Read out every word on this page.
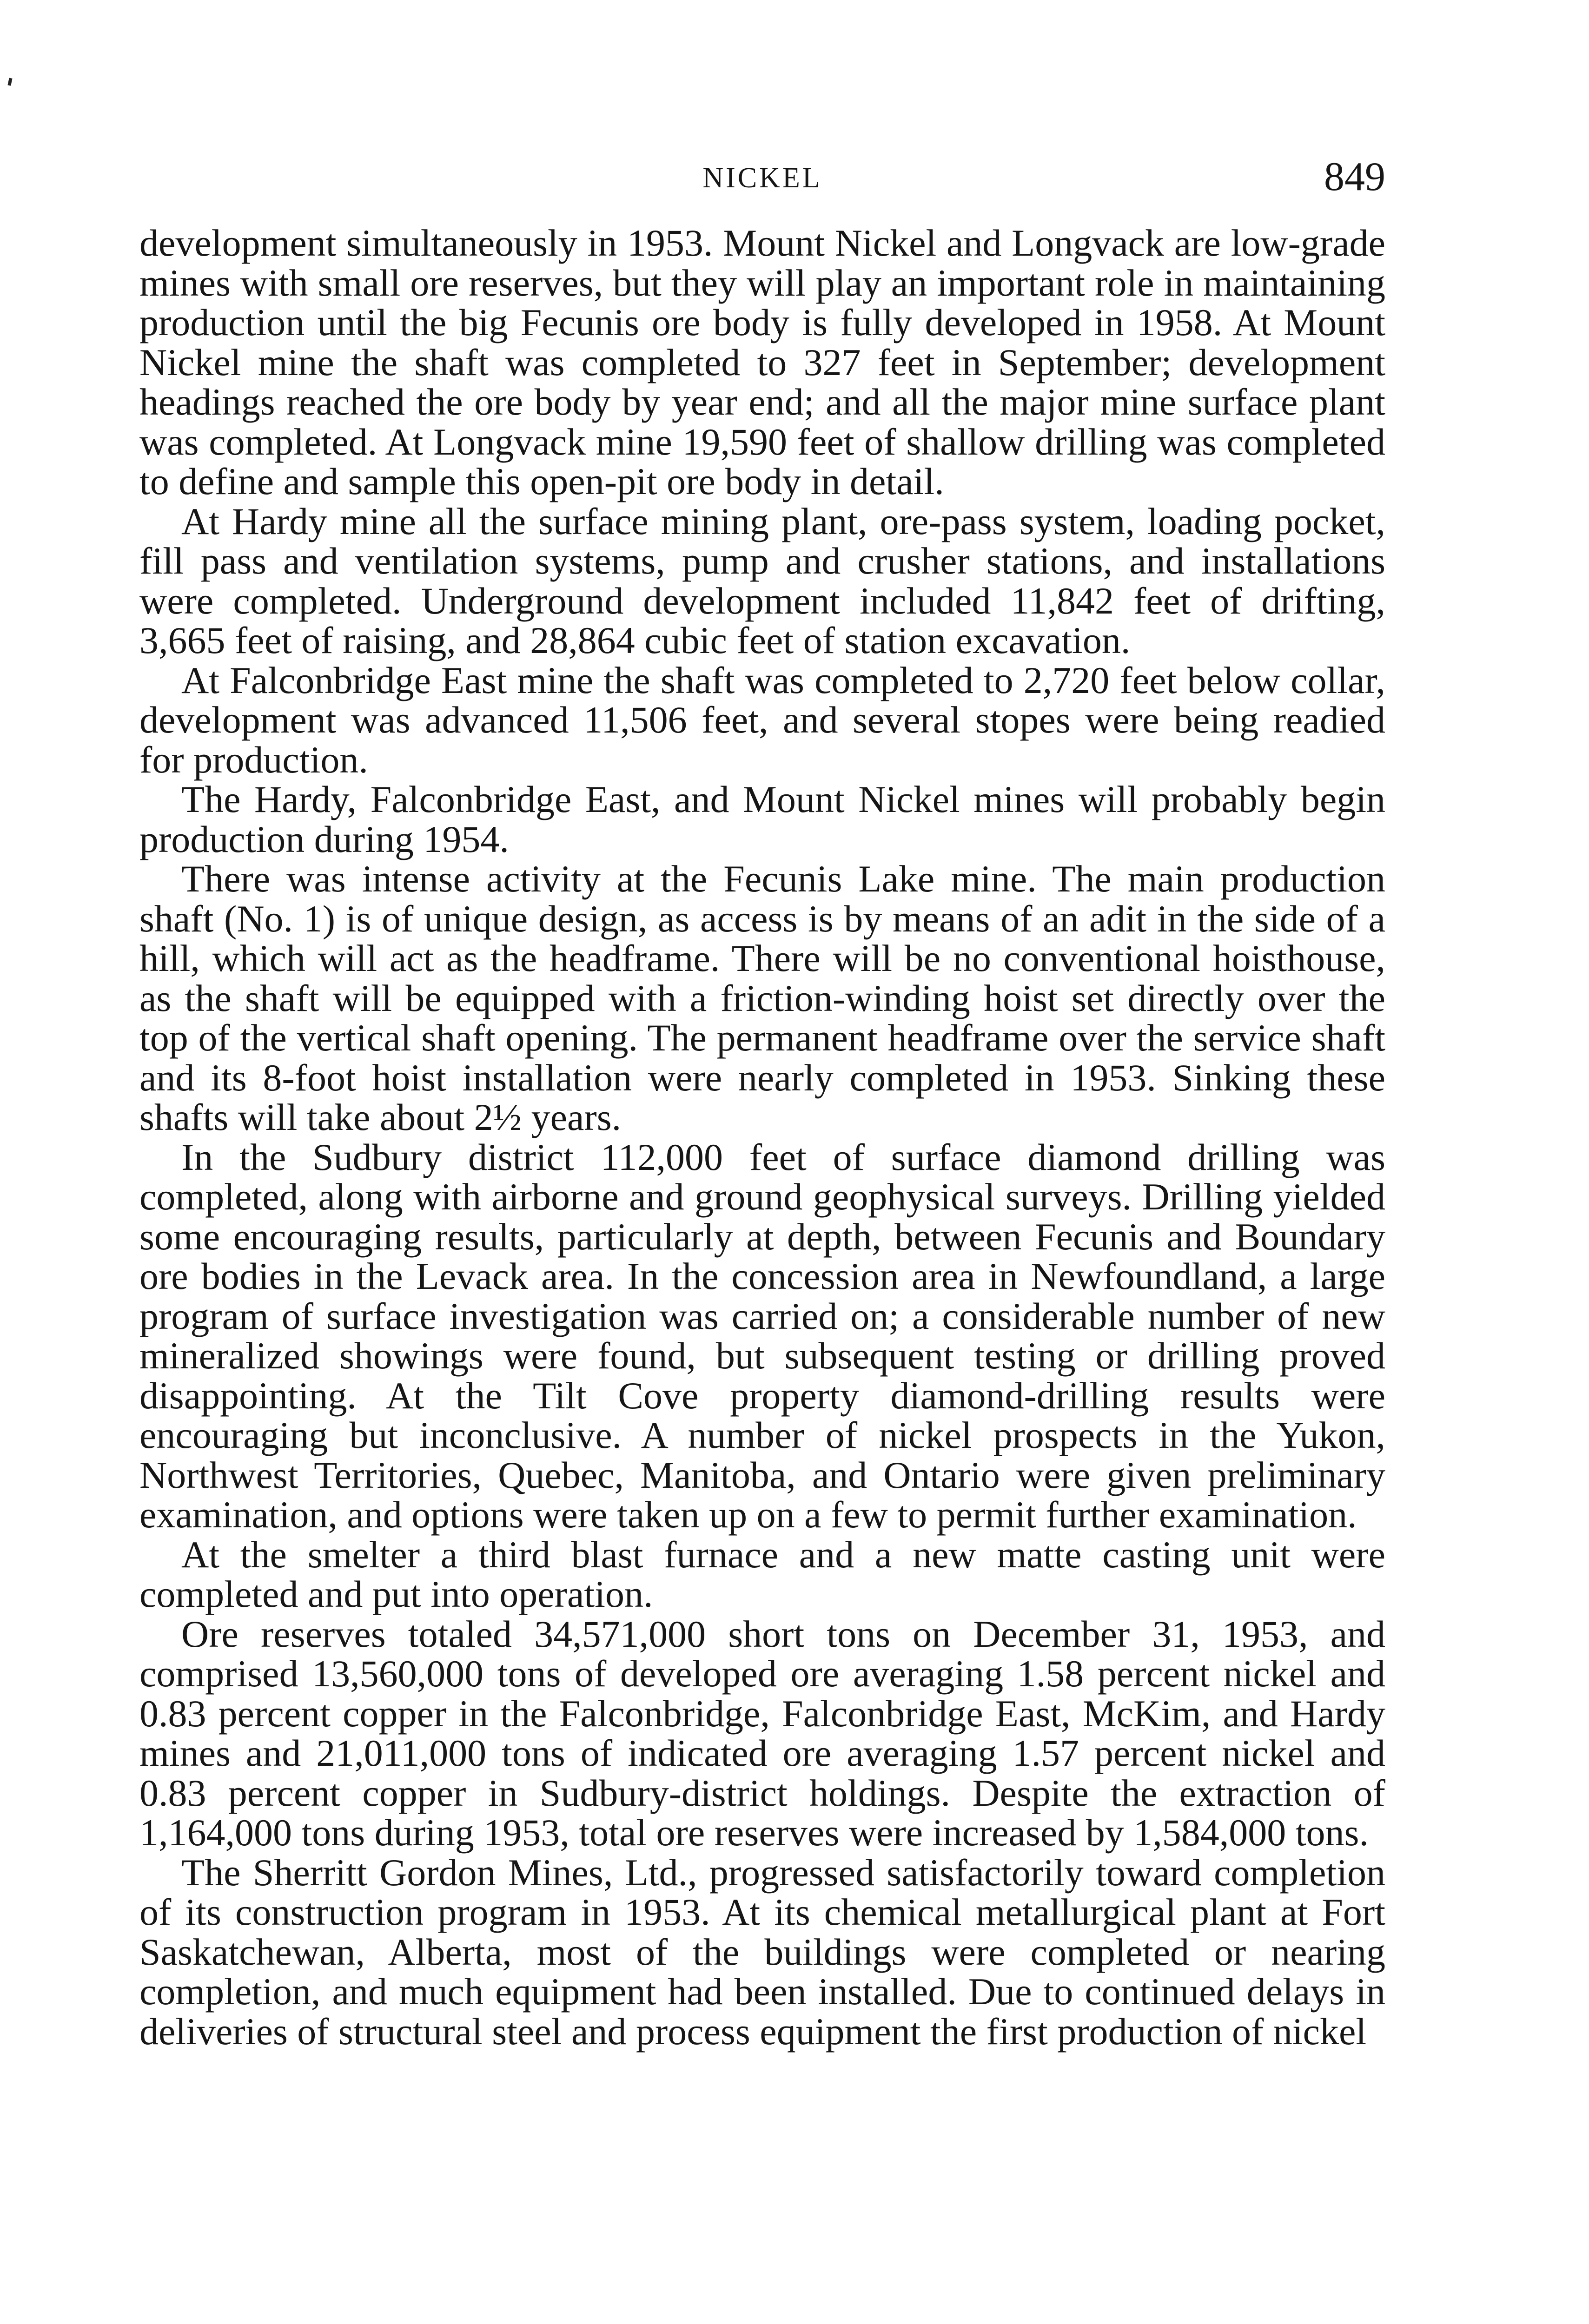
NICKEL	849

development simultaneously in 1953. Mount Nickel and Longvack are low-grade mines with small ore reserves, but they will play an important role in maintaining production until the big Fecunis ore body is fully developed in 1958. At Mount Nickel mine the shaft was completed to 327 feet in September; development headings reached the ore body by year end; and all the major mine surface plant was completed. At Longvack mine 19,590 feet of shallow drilling was completed to define and sample this open-pit ore body in detail.

At Hardy mine all the surface mining plant, ore-pass system, loading pocket, fill pass and ventilation systems, pump and crusher stations, and installations were completed. Underground development included 11,842 feet of drifting, 3,665 feet of raising, and 28,864 cubic feet of station excavation.

At Falconbridge East mine the shaft was completed to 2,720 feet below collar, development was advanced 11,506 feet, and several stopes were being readied for production.

The Hardy, Falconbridge East, and Mount Nickel mines will probably begin production during 1954.

There was intense activity at the Fecunis Lake mine. The main production shaft (No. 1) is of unique design, as access is by means of an adit in the side of a hill, which will act as the headframe. There will be no conventional hoisthouse, as the shaft will be equipped with a friction-winding hoist set directly over the top of the vertical shaft opening. The permanent headframe over the service shaft and its 8-foot hoist installation were nearly completed in 1953. Sinking these shafts will take about 2½ years.

In the Sudbury district 112,000 feet of surface diamond drilling was completed, along with airborne and ground geophysical surveys. Drilling yielded some encouraging results, particularly at depth, between Fecunis and Boundary ore bodies in the Levack area. In the concession area in Newfoundland, a large program of surface investigation was carried on; a considerable number of new mineralized showings were found, but subsequent testing or drilling proved disappointing. At the Tilt Cove property diamond-drilling results were encouraging but inconclusive. A number of nickel prospects in the Yukon, Northwest Territories, Quebec, Manitoba, and Ontario were given preliminary examination, and options were taken up on a few to permit further examination.

At the smelter a third blast furnace and a new matte casting unit were completed and put into operation.

Ore reserves totaled 34,571,000 short tons on December 31, 1953, and comprised 13,560,000 tons of developed ore averaging 1.58 percent nickel and 0.83 percent copper in the Falconbridge, Falconbridge East, McKim, and Hardy mines and 21,011,000 tons of indicated ore averaging 1.57 percent nickel and 0.83 percent copper in Sudbury-district holdings. Despite the extraction of 1,164,000 tons during 1953, total ore reserves were increased by 1,584,000 tons.

The Sherritt Gordon Mines, Ltd., progressed satisfactorily toward completion of its construction program in 1953. At its chemical metallurgical plant at Fort Saskatchewan, Alberta, most of the buildings were completed or nearing completion, and much equipment had been installed. Due to continued delays in deliveries of structural steel and process equipment the first production of nickel
